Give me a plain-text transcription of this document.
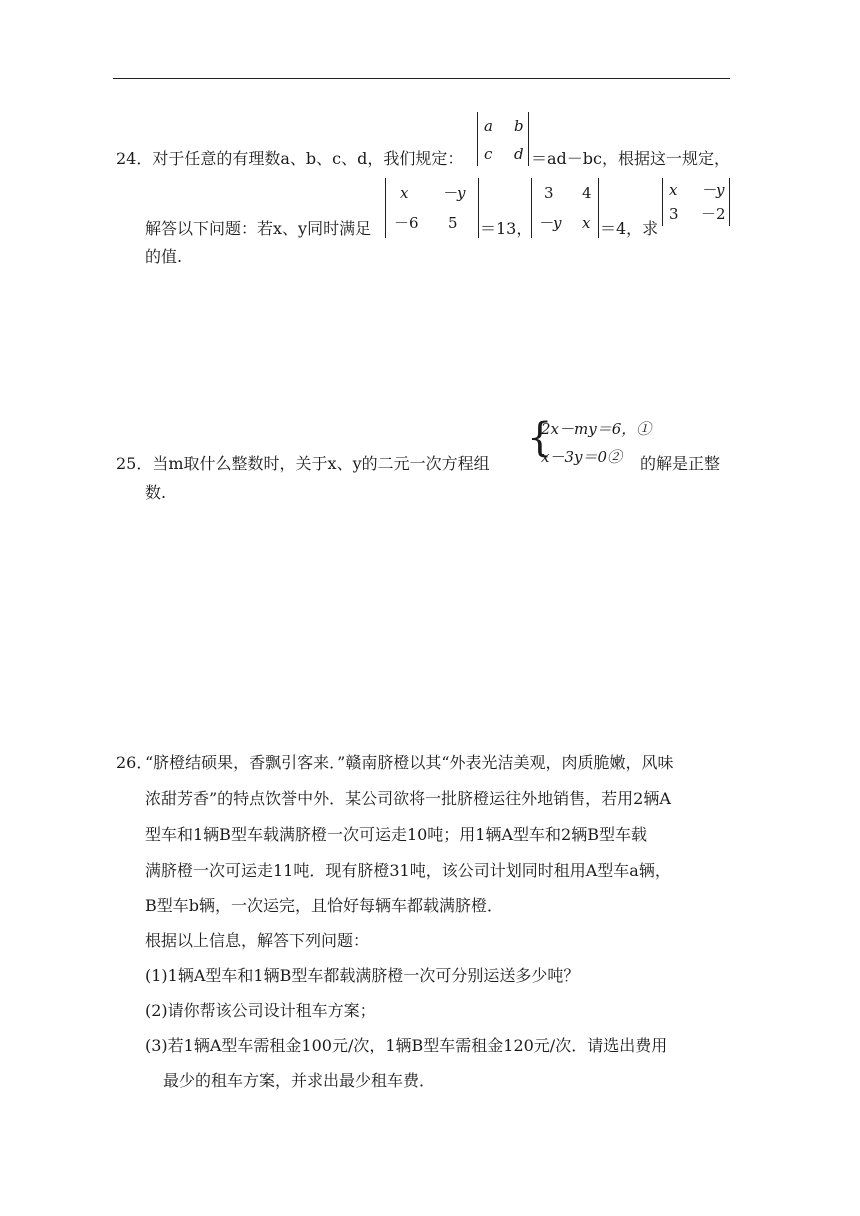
24．对于任意的有理数a、b、c、d，我们规定：
a b
c d ＝ad－bc，根据这一规定，
解答以下问题：若x、y同时满足
x －y
－6 5 ＝13，
3 4
－y x ＝4，求
x －y
3 －2
的值.
25．当m取什么整数时，关于x、y的二元一次方程组
{
2x－my＝6，①
x－3y＝0② 的解是正整
数.
26．
“脐橙结硕果，香飘引客来．”赣南脐橙以其“外表光洁美观，肉质脆嫩，风味
浓甜芳香”的特点饮誉中外．某公司欲将一批脐橙运往外地销售，若用2辆A
型车和1辆B型车载满脐橙一次可运走10吨；用1辆A型车和2辆B型车载
满脐橙一次可运走11吨．现有脐橙31吨，该公司计划同时租用A型车a辆，
B型车b辆，一次运完，且恰好每辆车都载满脐橙．
根据以上信息，解答下列问题：
(1)1辆A型车和1辆B型车都载满脐橙一次可分别运送多少吨？
(2)请你帮该公司设计租车方案；
(3)若1辆A型车需租金100元/次，1辆B型车需租金120元/次．请选出费用
最少的租车方案，并求出最少租车费．
